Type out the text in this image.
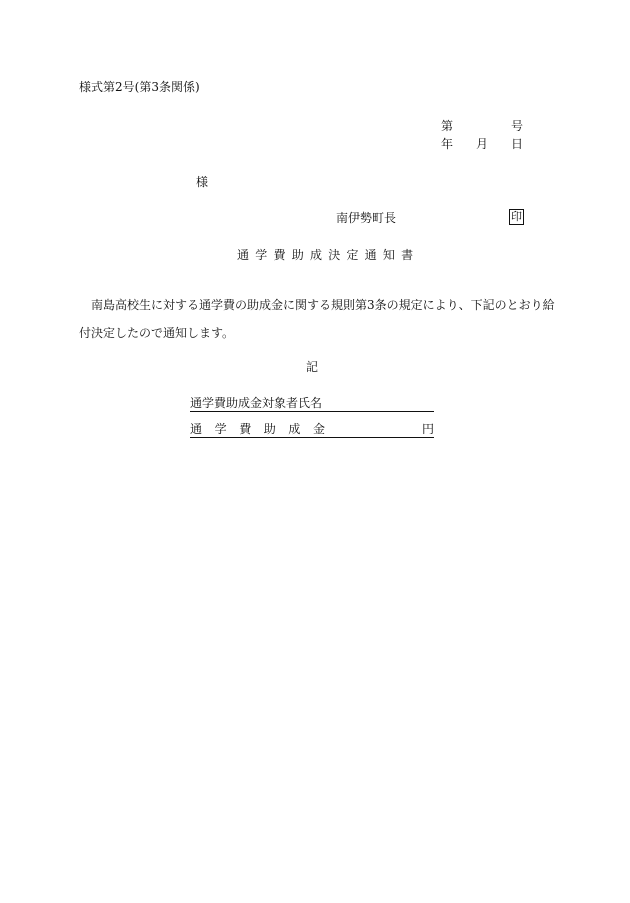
様式第2号(第3条関係)
第	号
年 月 日
様
南伊勢町長	印
通学費助成決定通知書
南島高校生に対する通学費の助成金に関する規則第3条の規定により、下記のとおり給付決定したので通知します。
記
通学費助成金対象者氏名
通学費助成金	円
